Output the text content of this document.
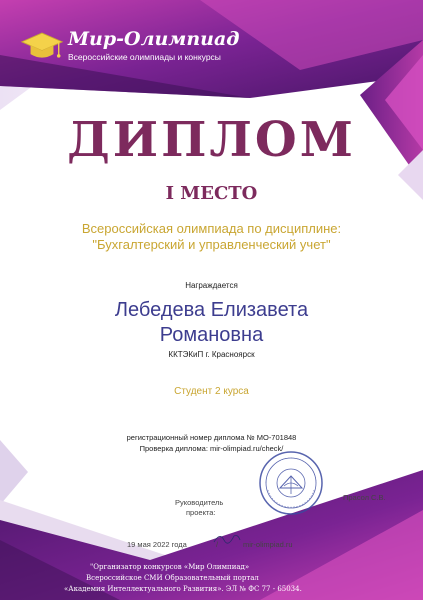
Мир-Олимпиад
Всероссийские олимпиады и конкурсы
ДИПЛОМ
I МЕСТО
Всероссийская олимпиада по дисциплине:
"Бухгалтерский и управленческий учет"
Награждается
Лебедева Елизавета
Романовна
ККТЭКиП г. Красноярск
Студент 2 курса
регистрационный номер диплома № МО-701848
Проверка диплома: mir-olimpiad.ru/check/
Руководитель
проекта:
Прасол С.В.
19 мая 2022 года	/	mir-olimpiad.ru
"Организатор конкурсов «Мир Олимпиад»
Всероссийское СМИ Образовательный портал
«Академия Интеллектуального Развития». ЭЛ № ФС 77 - 65034.
